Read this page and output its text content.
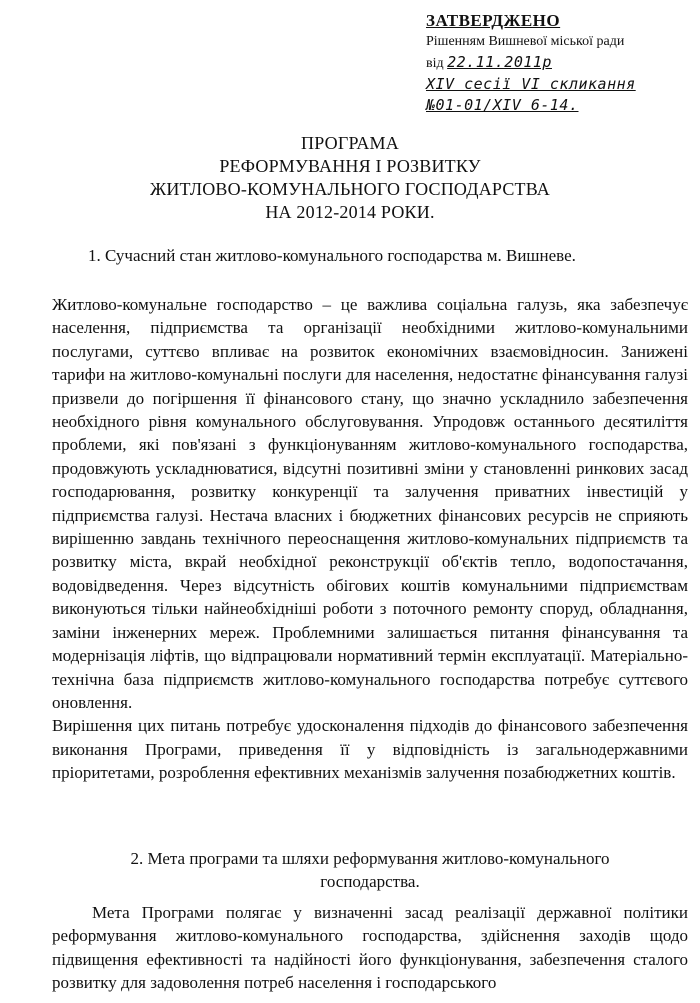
ЗАТВЕРДЖЕНО
Рішенням Вишневої міської ради
від 22.11.2011р
XIV сесії VI скликання
№01-01/XIV 6-14.
ПРОГРАМА
РЕФОРМУВАННЯ І РОЗВИТКУ
ЖИТЛОВО-КОМУНАЛЬНОГО ГОСПОДАРСТВА
НА 2012-2014 РОКИ.
1. Сучасний стан житлово-комунального господарства м. Вишневе.

Житлово-комунальне господарство – це важлива соціальна галузь, яка забезпечує населення, підприємства та організації необхідними житлово-комунальними послугами, суттєво впливає на розвиток економічних взаємовідносин. Занижені тарифи на житлово-комунальні послуги для населення, недостатнє фінансування галузі призвели до погіршення її фінансового стану, що значно ускладнило забезпечення необхідного рівня комунального обслуговування. Упродовж останнього десятиліття проблеми, які пов'язані з функціонуванням житлово-комунального господарства, продовжують ускладнюватися, відсутні позитивні зміни у становленні ринкових засад господарювання, розвитку конкуренції та залучення приватних інвестицій у підприємства галузі. Нестача власних і бюджетних фінансових ресурсів не сприяють вирішенню завдань технічного переоснащення житлово-комунальних підприємств та розвитку міста, вкрай необхідної реконструкції об'єктів тепло, водопостачання, водовідведення. Через відсутність обігових коштів комунальними підприємствам виконуються тільки найнеобхідніші роботи з поточного ремонту споруд, обладнання, заміни інженерних мереж. Проблемними залишається питання фінансування та модернізація ліфтів, що відпрацювали нормативний термін експлуатації. Матеріально-технічна база підприємств житлово-комунального господарства потребує суттєвого оновлення.

Вирішення цих питань потребує удосконалення підходів до фінансового забезпечення виконання Програми, приведення її у відповідність із загальнодержавними пріоритетами, розроблення ефективних механізмів залучення позабюджетних коштів.

2. Мета програми та шляхи реформування житлово-комунального
господарства.

Мета Програми полягає у визначенні засад реалізації державної політики реформування житлово-комунального господарства, здійснення заходів щодо підвищення ефективності та надійності його функціонування, забезпечення сталого розвитку для задоволення потреб населення і господарського
